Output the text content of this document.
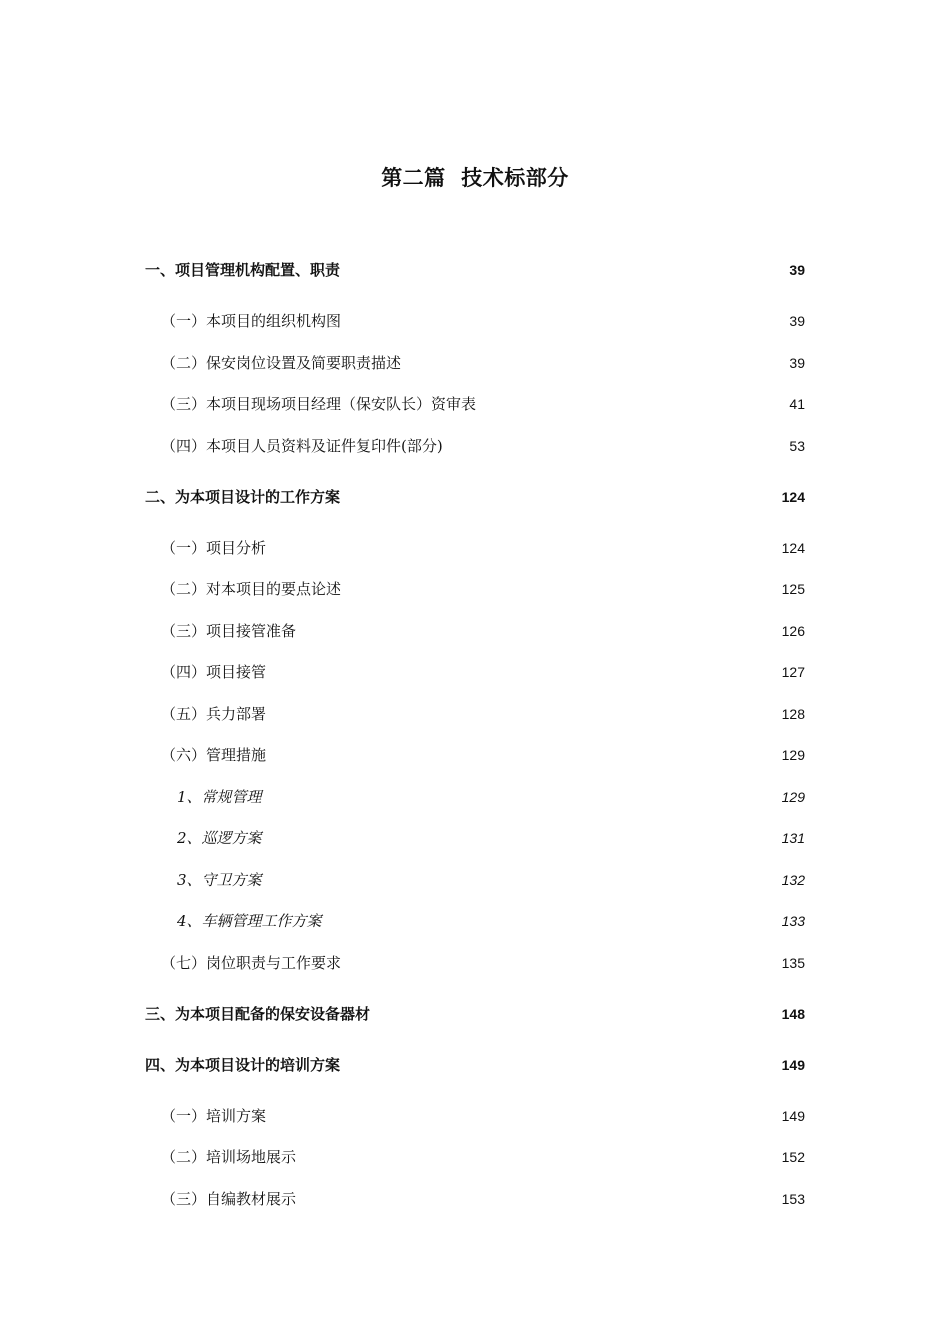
第二篇  技术标部分
一、项目管理机构配置、职责	39
（一）本项目的组织机构图	39
（二）保安岗位设置及简要职责描述	39
（三）本项目现场项目经理（保安队长）资审表	41
（四）本项目人员资料及证件复印件(部分)	53
二、为本项目设计的工作方案	124
（一）项目分析	124
（二）对本项目的要点论述	125
（三）项目接管准备	126
（四）项目接管	127
（五）兵力部署	128
（六）管理措施	129
1、常规管理	129
2、巡逻方案	131
3、守卫方案	132
4、车辆管理工作方案	133
（七）岗位职责与工作要求	135
三、为本项目配备的保安设备器材	148
四、为本项目设计的培训方案	149
（一）培训方案	149
（二）培训场地展示	152
（三）自编教材展示	153
